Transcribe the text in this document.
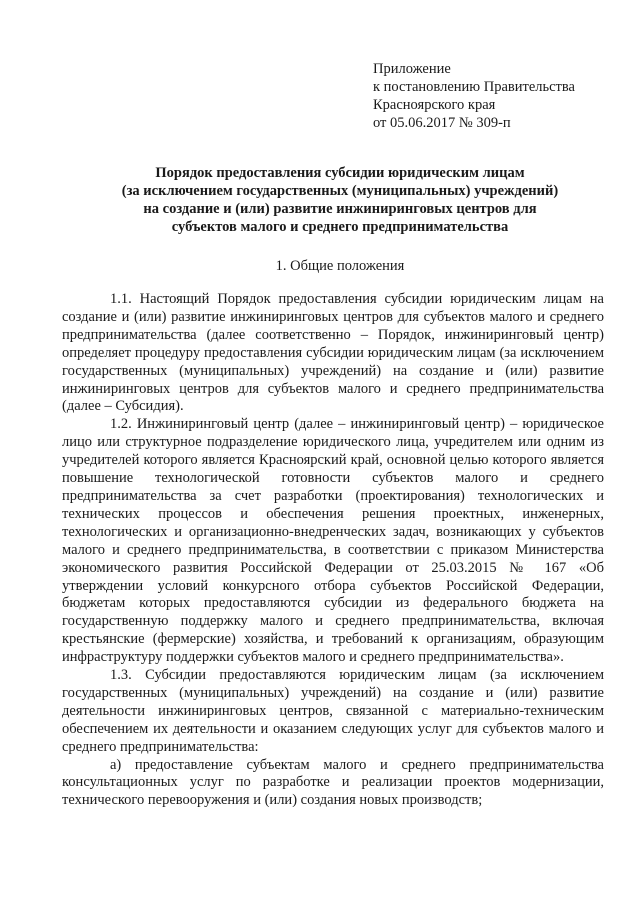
Приложение
к постановлению Правительства
Красноярского края
от 05.06.2017 № 309-п
Порядок предоставления субсидии юридическим лицам
(за исключением государственных (муниципальных) учреждений)
на создание и (или) развитие инжиниринговых центров для
субъектов малого и среднего предпринимательства
1. Общие положения

1.1. Настоящий Порядок предоставления субсидии юридическим лицам на создание и (или) развитие инжиниринговых центров для субъектов малого и среднего предпринимательства (далее соответственно – Порядок, инжиниринговый центр) определяет процедуру предоставления субсидии юридическим лицам (за исключением государственных (муниципальных) учреждений) на создание и (или) развитие инжиниринговых центров для субъектов малого и среднего предпринимательства (далее – Субсидия).

1.2. Инжиниринговый центр (далее – инжиниринговый центр) – юридическое лицо или структурное подразделение юридического лица, учредителем или одним из учредителей которого является Красноярский край, основной целью которого является повышение технологической готовности субъектов малого и среднего предпринимательства за счет разработки (проектирования) технологических и технических процессов и обеспечения решения проектных, инженерных, технологических и организационно-внедренческих задач, возникающих у субъектов малого и среднего предпринимательства, в соответствии с приказом Министерства экономического развития Российской Федерации от 25.03.2015 № 167 «Об утверждении условий конкурсного отбора субъектов Российской Федерации, бюджетам которых предоставляются субсидии из федерального бюджета на государственную поддержку малого и среднего предпринимательства, включая крестьянские (фермерские) хозяйства, и требований к организациям, образующим инфраструктуру поддержки субъектов малого и среднего предпринимательства».

1.3. Субсидии предоставляются юридическим лицам (за исключением государственных (муниципальных) учреждений) на создание и (или) развитие деятельности инжиниринговых центров, связанной с материально-техническим обеспечением их деятельности и оказанием следующих услуг для субъектов малого и среднего предпринимательства:

а) предоставление субъектам малого и среднего предпринимательства консультационных услуг по разработке и реализации проектов модернизации, технического перевооружения и (или) создания новых производств;
